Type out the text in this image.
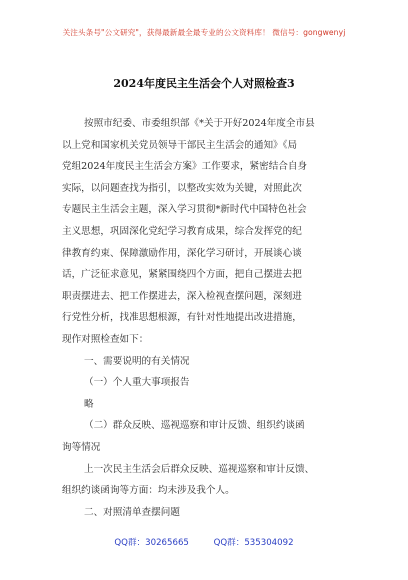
关注头条号"公文研究"，获得最新最全最专业的公文资料库！ 微信号：gongwenyj
2024年度民主生活会个人对照检查3
按照市纪委、市委组织部《*关于开好2024年度全市县
以上党和国家机关党员领导干部民主生活会的通知》《局
党组2024年度民主生活会方案》工作要求，紧密结合自身
实际，以问题查找为指引，以整改实效为关键，对照此次
专题民主生活会主题，深入学习贯彻*新时代中国特色社会
主义思想，巩固深化党纪学习教育成果，综合发挥党的纪
律教育约束、保障激励作用，深化学习研讨，开展谈心谈
话，广泛征求意见，紧紧围绕四个方面，把自己摆进去把
职责摆进去、把工作摆进去，深入检视查摆问题，深刻进
行党性分析，找准思想根源，有针对性地提出改进措施，
现作对照检查如下：
一、需要说明的有关情况
（一）个人重大事项报告
略
（二）群众反映、巡视巡察和审计反馈、组织约谈函
询等情况
上一次民主生活会后群众反映、巡视巡察和审计反馈、
组织约谈函询等方面：均未涉及我个人。
二、对照清单查摆问题
QQ群：30265665	QQ群：535304092
